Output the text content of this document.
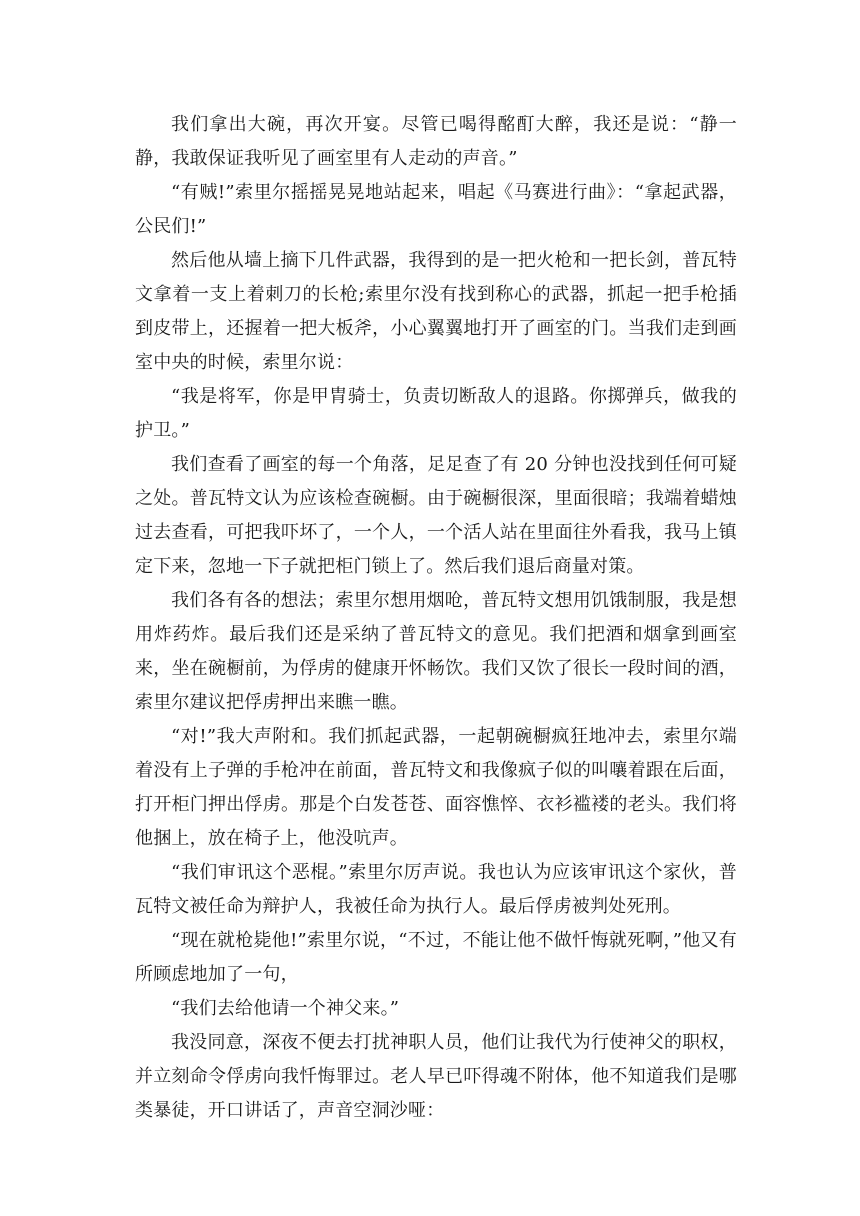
我们拿出大碗，再次开宴。尽管已喝得酩酊大醉，我还是说：“静一静，我敢保证我听见了画室里有人走动的声音。”

“有贼!”索里尔摇摇晃晃地站起来，唱起《马赛进行曲》：“拿起武器，公民们!”

然后他从墙上摘下几件武器，我得到的是一把火枪和一把长剑，普瓦特文拿着一支上着刺刀的长枪;索里尔没有找到称心的武器，抓起一把手枪插到皮带上，还握着一把大板斧，小心翼翼地打开了画室的门。当我们走到画室中央的时候，索里尔说：

“我是将军，你是甲胄骑士，负责切断敌人的退路。你掷弹兵，做我的护卫。”

我们查看了画室的每一个角落，足足查了有 20 分钟也没找到任何可疑之处。普瓦特文认为应该检查碗橱。由于碗橱很深，里面很暗；我端着蜡烛过去查看，可把我吓坏了，一个人，一个活人站在里面往外看我，我马上镇定下来，忽地一下子就把柜门锁上了。然后我们退后商量对策。

我们各有各的想法；索里尔想用烟呛，普瓦特文想用饥饿制服，我是想用炸药炸。最后我们还是采纳了普瓦特文的意见。我们把酒和烟拿到画室来，坐在碗橱前，为俘虏的健康开怀畅饮。我们又饮了很长一段时间的酒，索里尔建议把俘虏押出来瞧一瞧。

“对!”我大声附和。我们抓起武器，一起朝碗橱疯狂地冲去，索里尔端着没有上子弹的手枪冲在前面，普瓦特文和我像疯子似的叫嚷着跟在后面，打开柜门押出俘虏。那是个白发苍苍、面容憔悴、衣衫褴褛的老头。我们将他捆上，放在椅子上，他没吭声。

“我们审讯这个恶棍。”索里尔厉声说。我也认为应该审讯这个家伙，普瓦特文被任命为辩护人，我被任命为执行人。最后俘虏被判处死刑。

“现在就枪毙他!”索里尔说，“不过，不能让他不做忏悔就死啊，”他又有所顾虑地加了一句，

“我们去给他请一个神父来。”

我没同意，深夜不便去打扰神职人员，他们让我代为行使神父的职权，并立刻命令俘虏向我忏悔罪过。老人早已吓得魂不附体，他不知道我们是哪类暴徒，开口讲话了，声音空洞沙哑：
